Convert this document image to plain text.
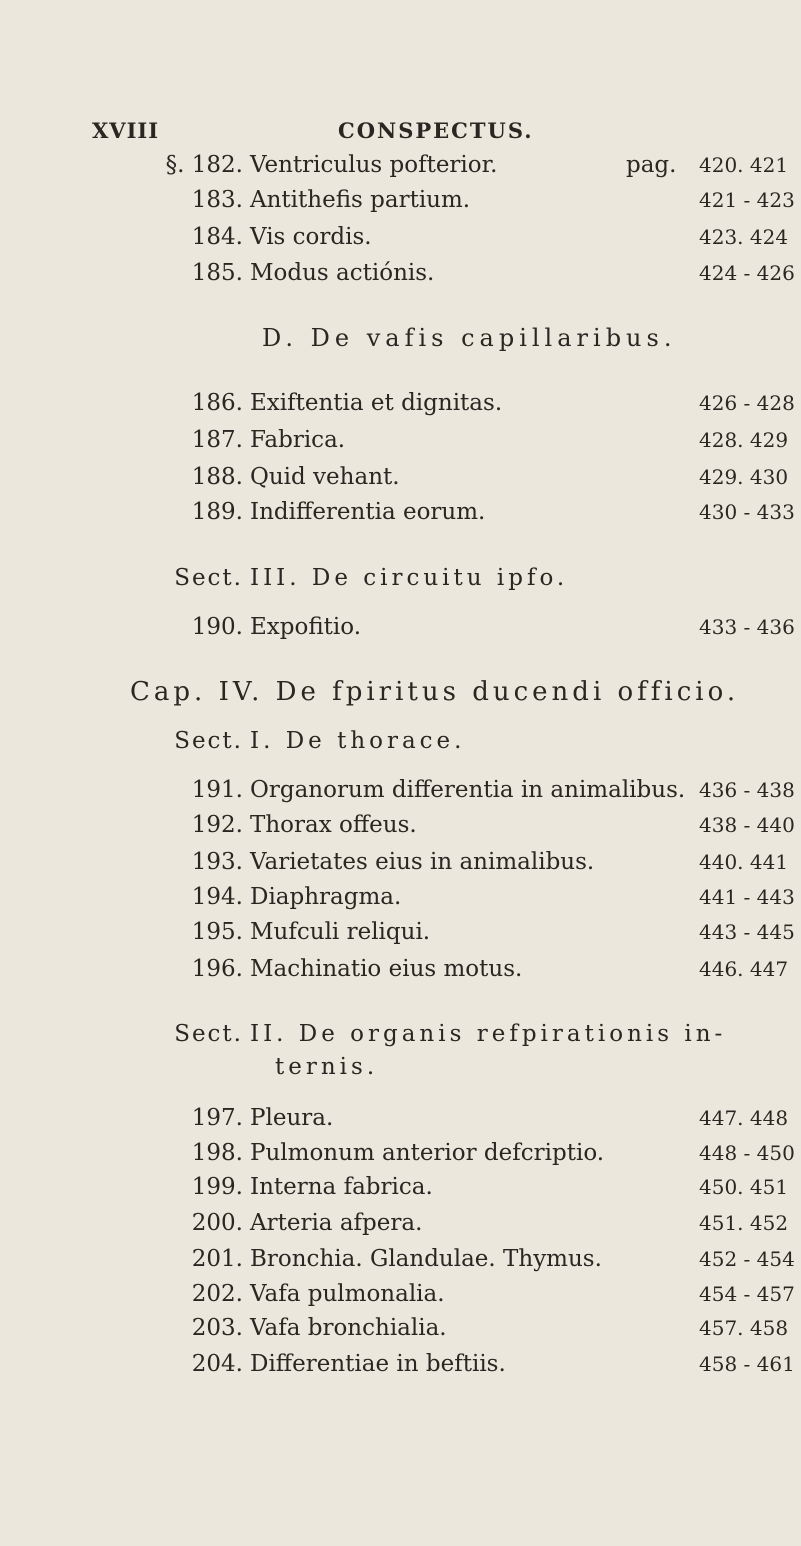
XVIII	CONSPECTUS.
§. 182. Ventriculus pofterior.	pag. 420. 421
183. Antithefis partium.	421 - 423
184. Vis cordis.	423. 424
185. Modus actiónis.	424 - 426
D. De vafis capillaribus.
186. Exiftentia et dignitas.	426 - 428
187. Fabrica.	428. 429
188. Quid vehant.	429. 430
189. Indifferentia eorum.	430 - 433
Sect. III. De circuitu ipfo.
190. Expofitio.	433 - 436
Cap. IV. De fpiritus ducendi officio.
Sect. I. De thorace.
191. Organorum differentia in animalibus. 436 - 438
192. Thorax offeus.	438 - 440
193. Varietates eius in animalibus.	440. 441
194. Diaphragma.	441 - 443
195. Mufculi reliqui.	443 - 445
196. Machinatio eius motus.	446. 447
Sect. II. De organis refpirationis in-
ternis.
197. Pleura.	447. 448
198. Pulmonum anterior defcriptio.	448 - 450
199. Interna fabrica.	450. 451
200. Arteria afpera.	451. 452
201. Bronchia. Glandulae. Thymus.	452 - 454
202. Vafa pulmonalia.	454 - 457
203. Vafa bronchialia.	457. 458
204. Differentiae in beftiis.	458 - 461
